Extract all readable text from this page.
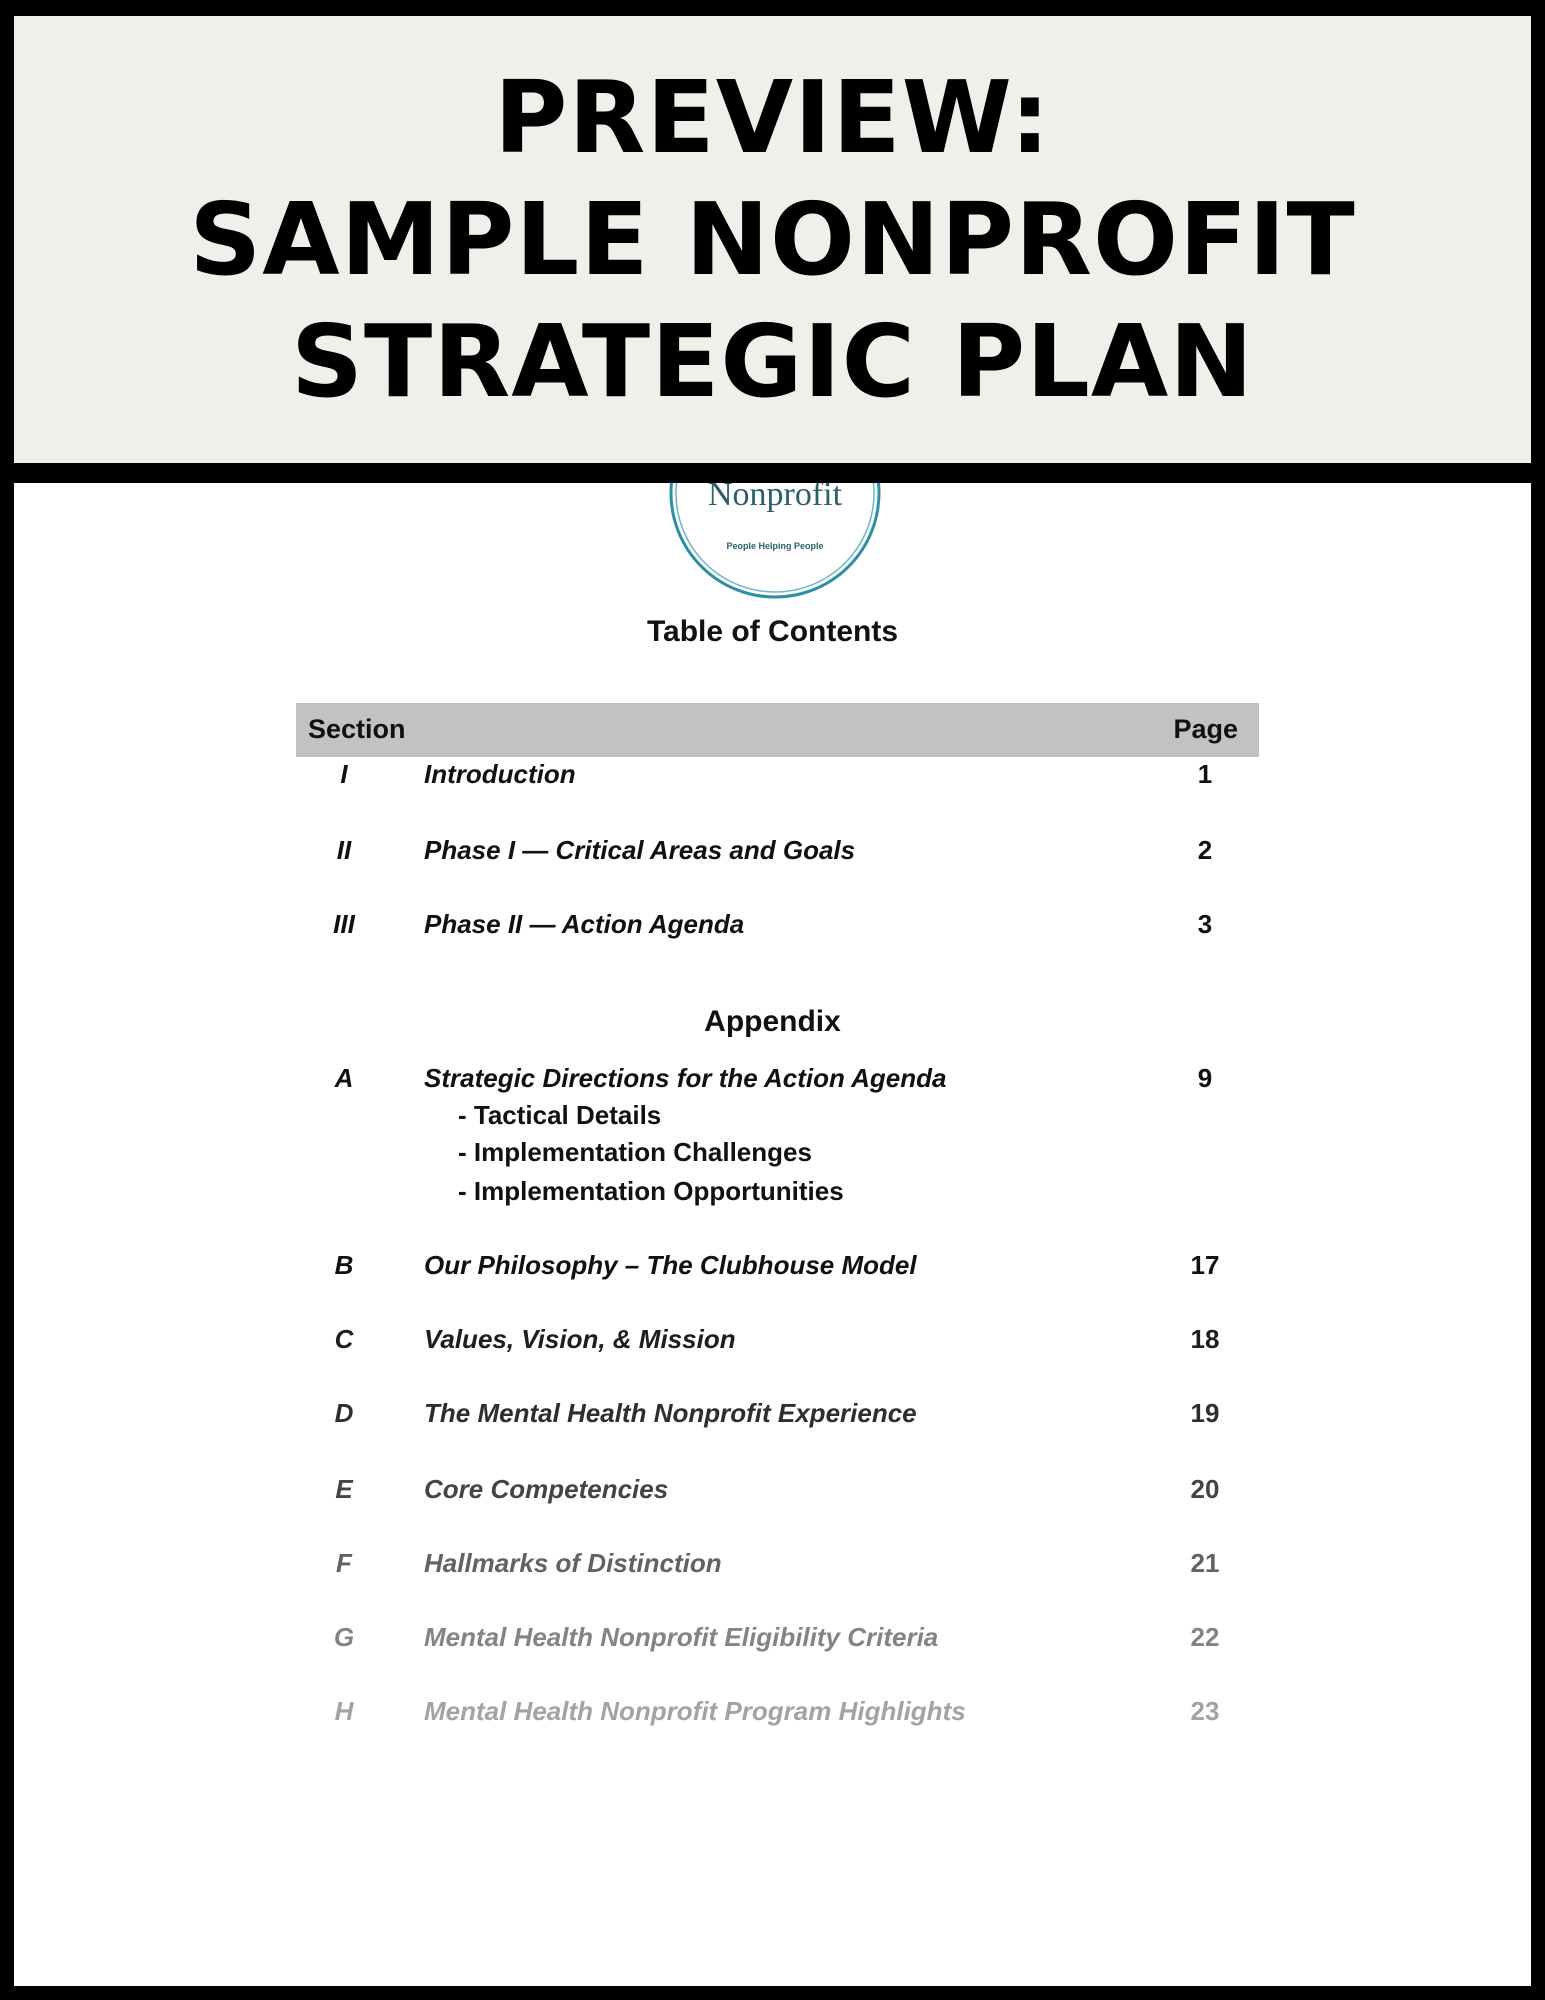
PREVIEW:
SAMPLE NONPROFIT
STRATEGIC PLAN
Nonprofit
People Helping People
Table of Contents
Section	Page
I	Introduction	1
II	Phase I — Critical Areas and Goals	2
III	Phase II — Action Agenda	3
Appendix
A	Strategic Directions for the Action Agenda	9
- Tactical Details
- Implementation Challenges
- Implementation Opportunities
B	Our Philosophy – The Clubhouse Model	17
C	Values, Vision, & Mission	18
D	The Mental Health Nonprofit Experience	19
E	Core Competencies	20
F	Hallmarks of Distinction	21
G	Mental Health Nonprofit Eligibility Criteria	22
H	Mental Health Nonprofit Program Highlights	23
